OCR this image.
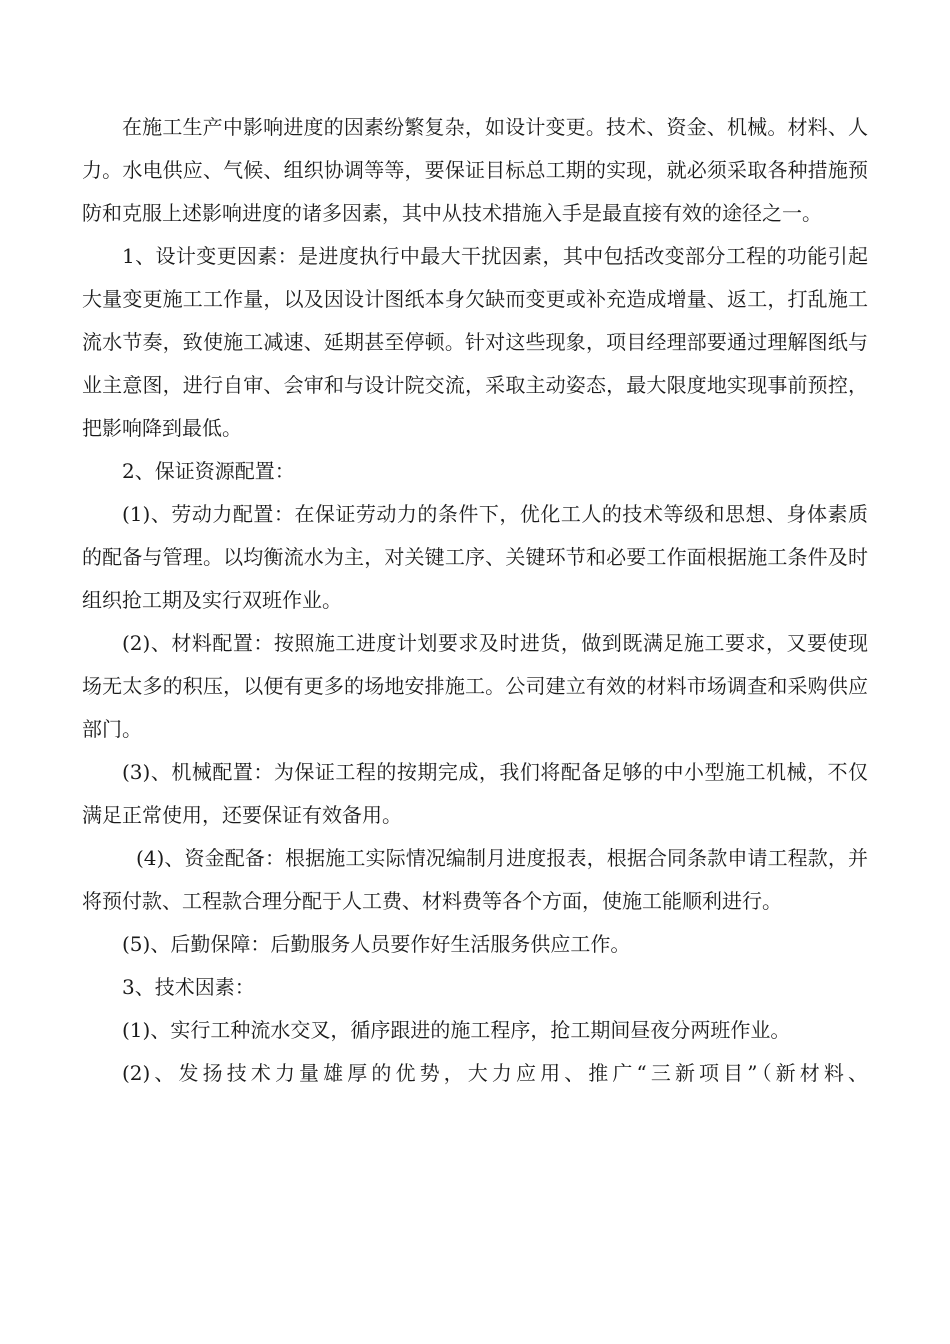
在施工生产中影响进度的因素纷繁复杂，如设计变更。技术、资金、机械。材料、人力。水电供应、气候、组织协调等等，要保证目标总工期的实现，就必须采取各种措施预防和克服上述影响进度的诸多因素，其中从技术措施入手是最直接有效的途径之一。

1、设计变更因素：是进度执行中最大干扰因素，其中包括改变部分工程的功能引起大量变更施工工作量，以及因设计图纸本身欠缺而变更或补充造成增量、返工，打乱施工流水节奏，致使施工减速、延期甚至停顿。针对这些现象，项目经理部要通过理解图纸与业主意图，进行自审、会审和与设计院交流，采取主动姿态，最大限度地实现事前预控，把影响降到最低。

2、保证资源配置：

(1)、劳动力配置：在保证劳动力的条件下，优化工人的技术等级和思想、身体素质的配备与管理。以均衡流水为主，对关键工序、关键环节和必要工作面根据施工条件及时组织抢工期及实行双班作业。

(2)、材料配置：按照施工进度计划要求及时进货，做到既满足施工要求，又要使现场无太多的积压，以便有更多的场地安排施工。公司建立有效的材料市场调查和采购供应部门。

(3)、机械配置：为保证工程的按期完成，我们将配备足够的中小型施工机械，不仅满足正常使用，还要保证有效备用。

(4)、资金配备：根据施工实际情况编制月进度报表，根据合同条款申请工程款，并将预付款、工程款合理分配于人工费、材料费等各个方面，使施工能顺利进行。

(5)、后勤保障：后勤服务人员要作好生活服务供应工作。

3、技术因素：

(1)、实行工种流水交叉，循序跟进的施工程序，抢工期间昼夜分两班作业。

(2)、发扬技术力量雄厚的优势，大力应用、推广“三新项目”（新材料、
